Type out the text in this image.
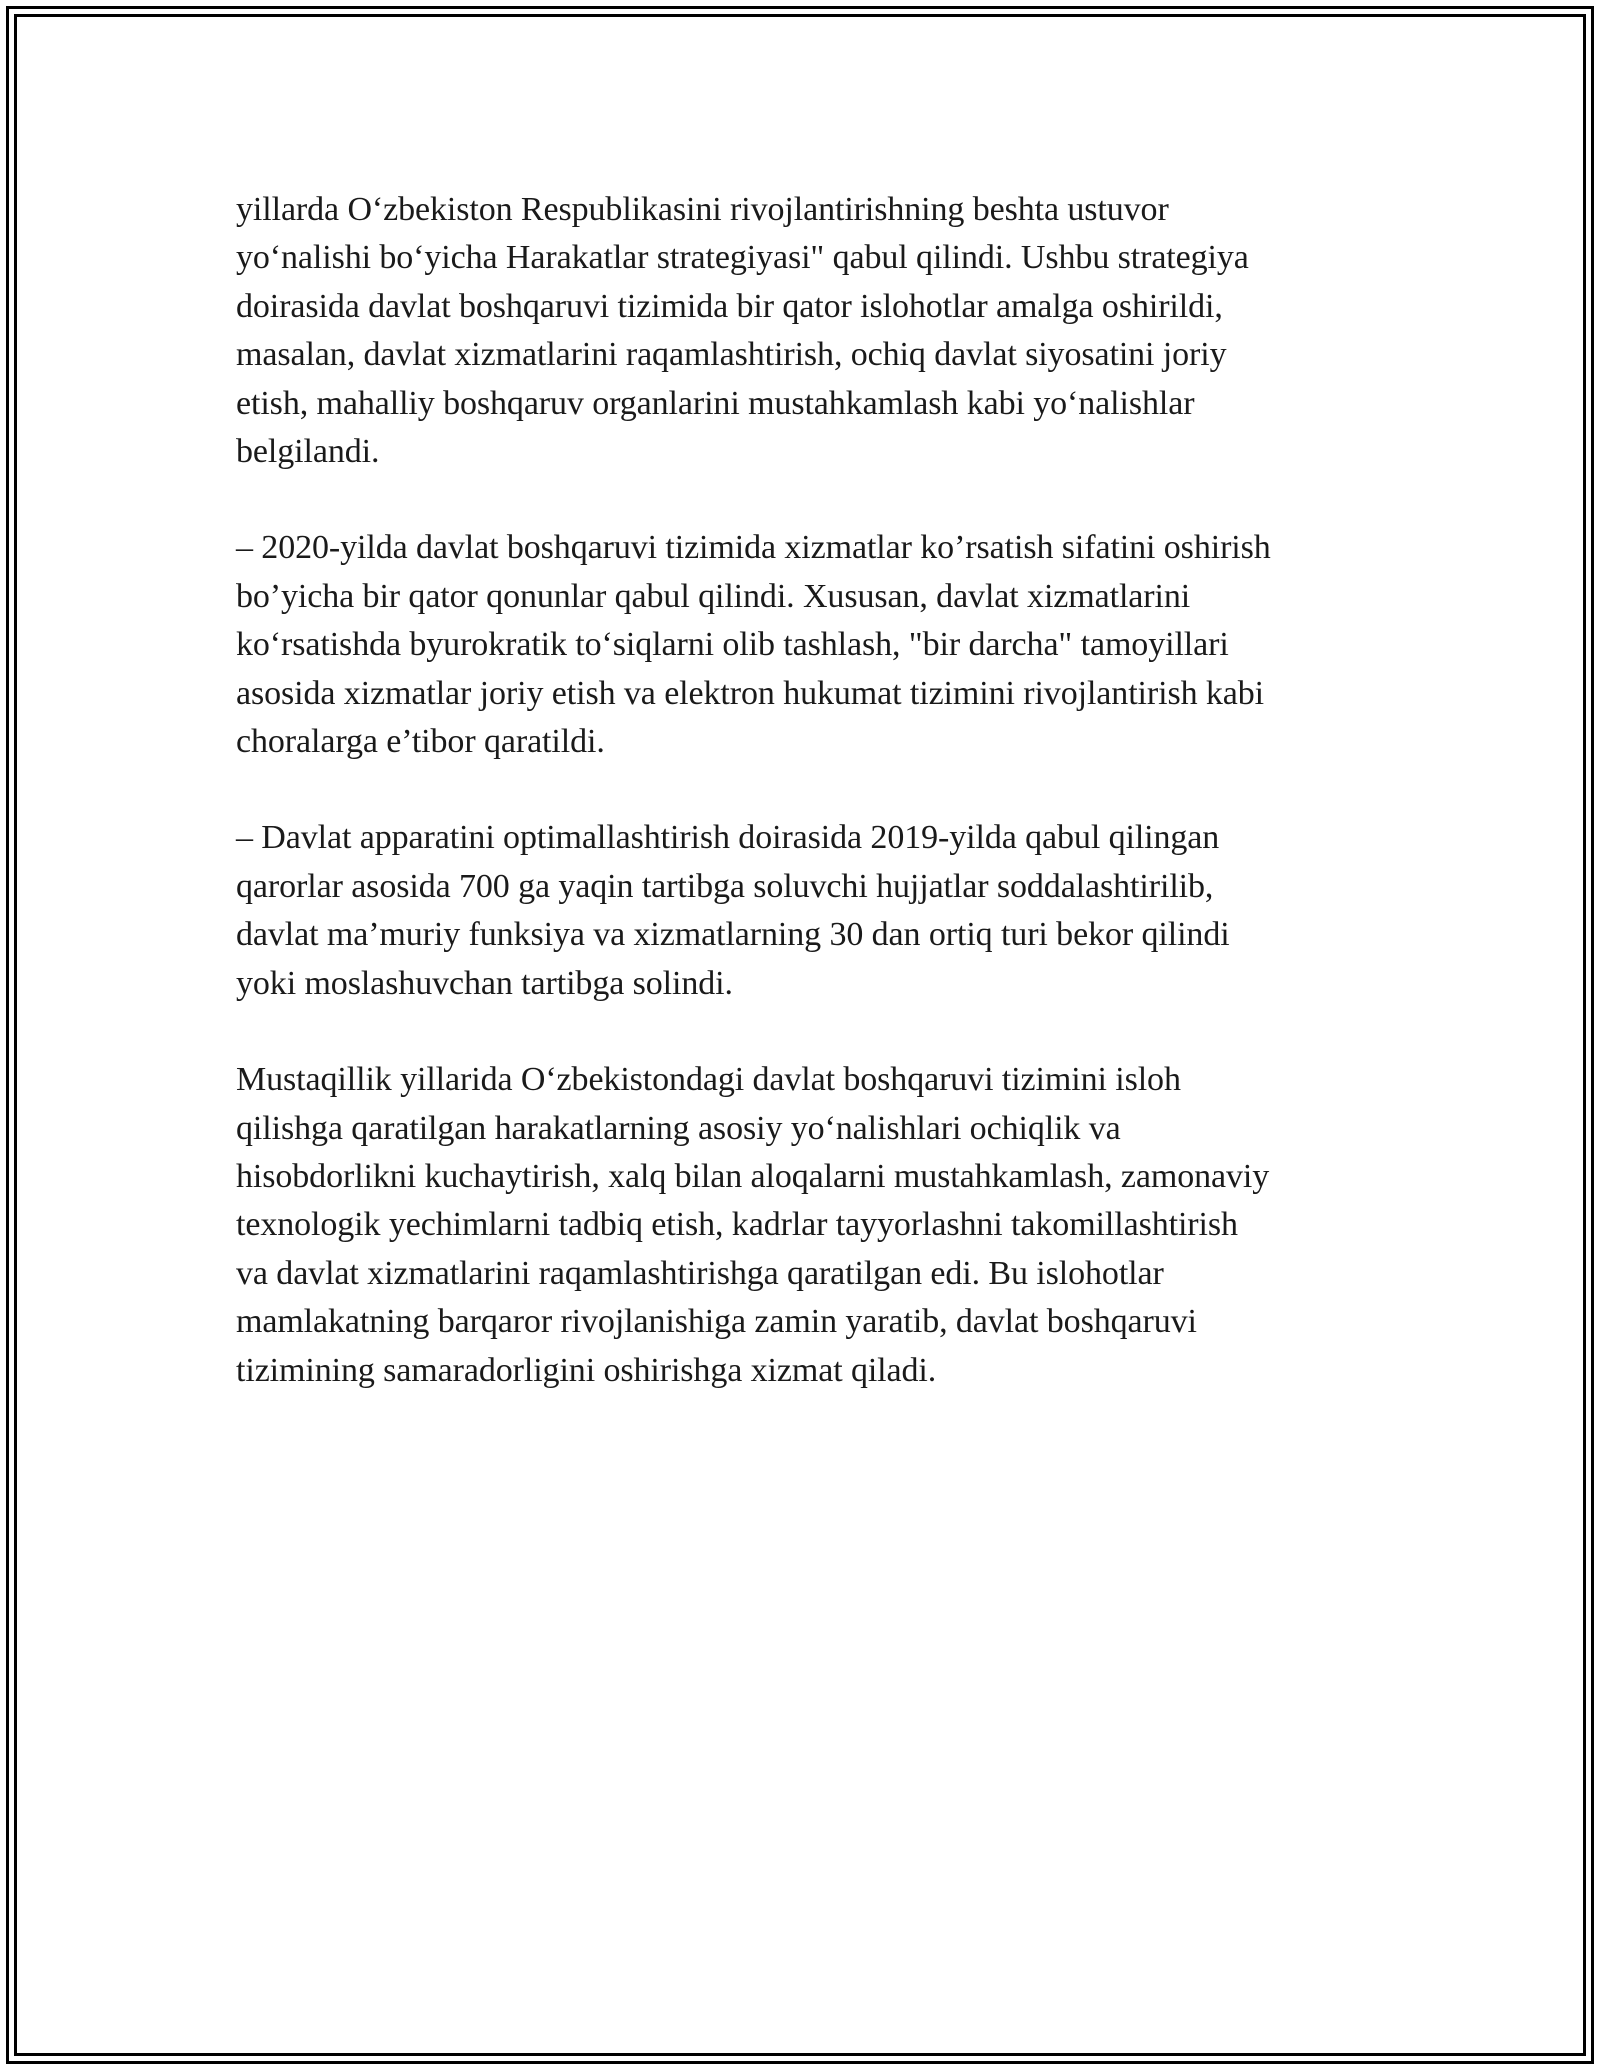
yillarda O‘zbekiston Respublikasini rivojlantirishning beshta ustuvor
yo‘nalishi bo‘yicha Harakatlar strategiyasi" qabul qilindi. Ushbu strategiya
doirasida davlat boshqaruvi tizimida bir qator islohotlar amalga oshirildi,
masalan, davlat xizmatlarini raqamlashtirish, ochiq davlat siyosatini joriy
etish, mahalliy boshqaruv organlarini mustahkamlash kabi yo‘nalishlar
belgilandi.

– 2020-yilda davlat boshqaruvi tizimida xizmatlar ko’rsatish sifatini oshirish
bo’yicha bir qator qonunlar qabul qilindi. Xususan, davlat xizmatlarini
ko‘rsatishda byurokratik to‘siqlarni olib tashlash, "bir darcha" tamoyillari
asosida xizmatlar joriy etish va elektron hukumat tizimini rivojlantirish kabi
choralarga e’tibor qaratildi.

– Davlat apparatini optimallashtirish doirasida 2019-yilda qabul qilingan
qarorlar asosida 700 ga yaqin tartibga soluvchi hujjatlar soddalashtirilib,
davlat ma’muriy funksiya va xizmatlarning 30 dan ortiq turi bekor qilindi
yoki moslashuvchan tartibga solindi.

Mustaqillik yillarida O‘zbekistondagi davlat boshqaruvi tizimini isloh
qilishga qaratilgan harakatlarning asosiy yo‘nalishlari ochiqlik va
hisobdorlikni kuchaytirish, xalq bilan aloqalarni mustahkamlash, zamonaviy
texnologik yechimlarni tadbiq etish, kadrlar tayyorlashni takomillashtirish
va davlat xizmatlarini raqamlashtirishga qaratilgan edi. Bu islohotlar
mamlakatning barqaror rivojlanishiga zamin yaratib, davlat boshqaruvi
tizimining samaradorligini oshirishga xizmat qiladi.
